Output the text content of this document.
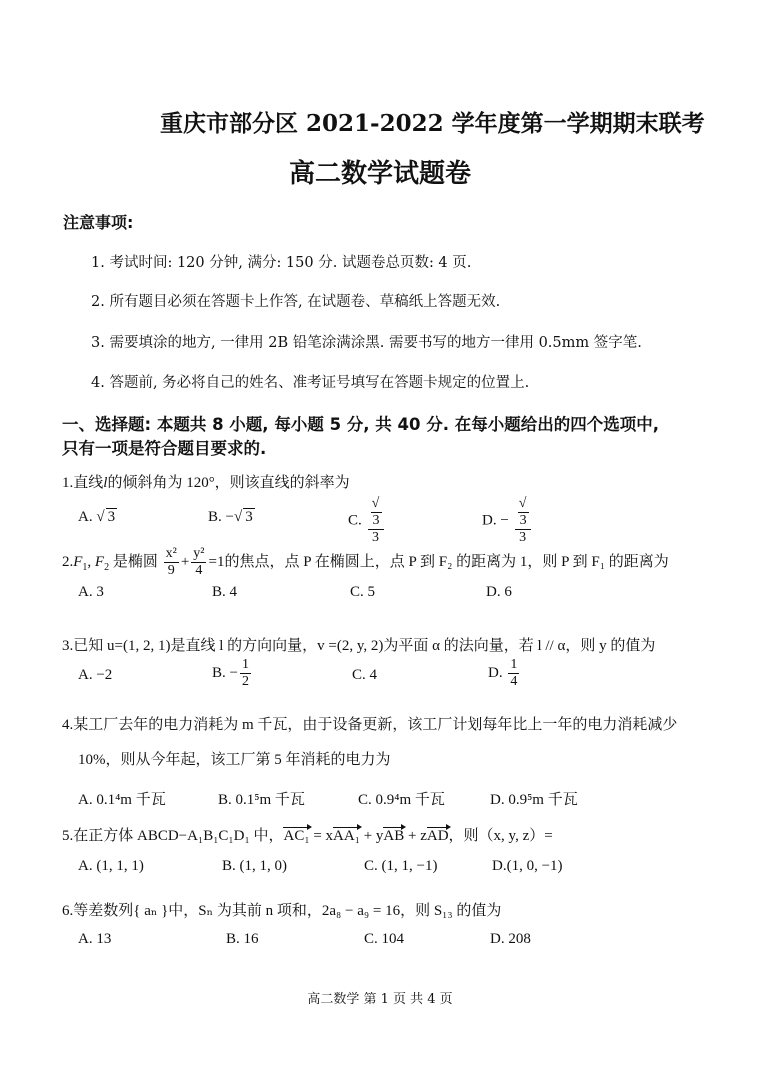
重庆市部分区 2021-2022 学年度第一学期期末联考
高二数学试题卷
注意事项:
1. 考试时间: 120 分钟, 满分: 150 分. 试题卷总页数: 4 页.
2. 所有题目必须在答题卡上作答, 在试题卷、草稿纸上答题无效.
3. 需要填涂的地方, 一律用 2B 铅笔涂满涂黑. 需要书写的地方一律用 0.5mm 签字笔.
4. 答题前, 务必将自己的姓名、准考证号填写在答题卡规定的位置上.
一、选择题: 本题共 8 小题, 每小题 5 分, 共 40 分. 在每小题给出的四个选项中,
只有一项是符合题目要求的.
1.直线l的倾斜角为 120°，则该直线的斜率为
A. √ 3	B. −√ 3	C. √
3
3	D. − √
3
3
$2.F_1$, $F_2$ 是椭圆 $\frac{\text{x²}}{9} + \frac{\text{y²}}{4} =1$的焦点，点 P 在椭圆上，点 P 到 F₂ 的距离为 1，则 P 到 F₁ 的距离为
A. 3	B. 4	C. 5	D. 6
3.已知 u=(1, 2, 1)是直线 l 的方向向量，v =(2, y, 2)为平面 α 的法向量，若 l // α，则 y 的值为
A. −2	B. − $\frac{1}{2}$	C. 4	D. $\frac{1}{4}$
4.某工厂去年的电力消耗为 m 千瓦，由于设备更新，该工厂计划每年比上一年的电力消耗减少
10%，则从今年起，该工厂第 5 年消耗的电力为
A. 0.1⁴m 千瓦	B. 0.1⁵m 千瓦	C. 0.9⁴m 千瓦	D. 0.9⁵m 千瓦
5.在正方体 ABCD−A₁B₁C₁D₁ 中，AC₁ = xAA₁ + yAB + zAD，则（x, y, z）=
A. (1, 1, 1)	B. (1, 1, 0)	C. (1, 1, −1)	D.(1, 0, −1)
6.等差数列{ aₙ }中，Sₙ 为其前 n 项和，2a₈ − a₉ = 16，则 S₁₃ 的值为
A. 13	B. 16	C. 104	D. 208
高二数学 第 1 页 共 4 页
